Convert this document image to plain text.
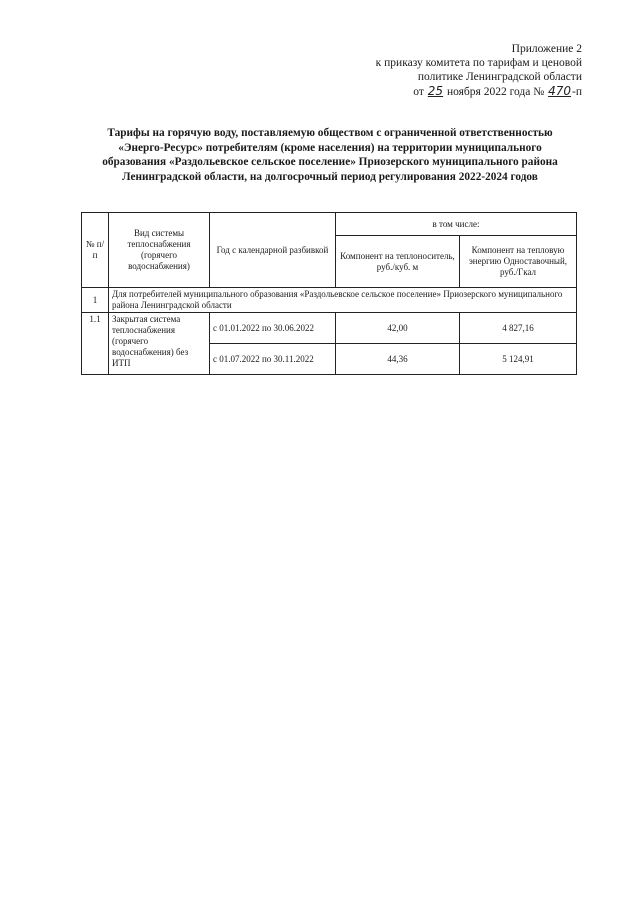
Приложение 2
к приказу комитета по тарифам и ценовой
политике Ленинградской области
от 25 ноября 2022 года № 470-п
Тарифы на горячую воду, поставляемую обществом с ограниченной ответственностью
«Энерго-Ресурс» потребителям (кроме населения) на территории муниципального
образования «Раздольевское сельское поселение» Приозерского муниципального района
Ленинградской области, на долгосрочный период регулирования 2022-2024 годов
№ п/п	Вид системы теплоснабжения (горячего водоснабжения)	Год с календарной разбивкой	в том числе:	
			Компонент на теплоноситель, руб./куб. м	Компонент на тепловую энергию Одноставочный, руб./Гкал
1	Для потребителей муниципального образования «Раздольевское сельское поселение» Приозерского муниципального района Ленинградской области			
1.1	Закрытая система теплоснабжения (горячего водоснабжения) без ИТП	с 01.01.2022 по 30.06.2022	42,00	4 827,16
		с 01.07.2022 по 30.11.2022	44,36	5 124,91
